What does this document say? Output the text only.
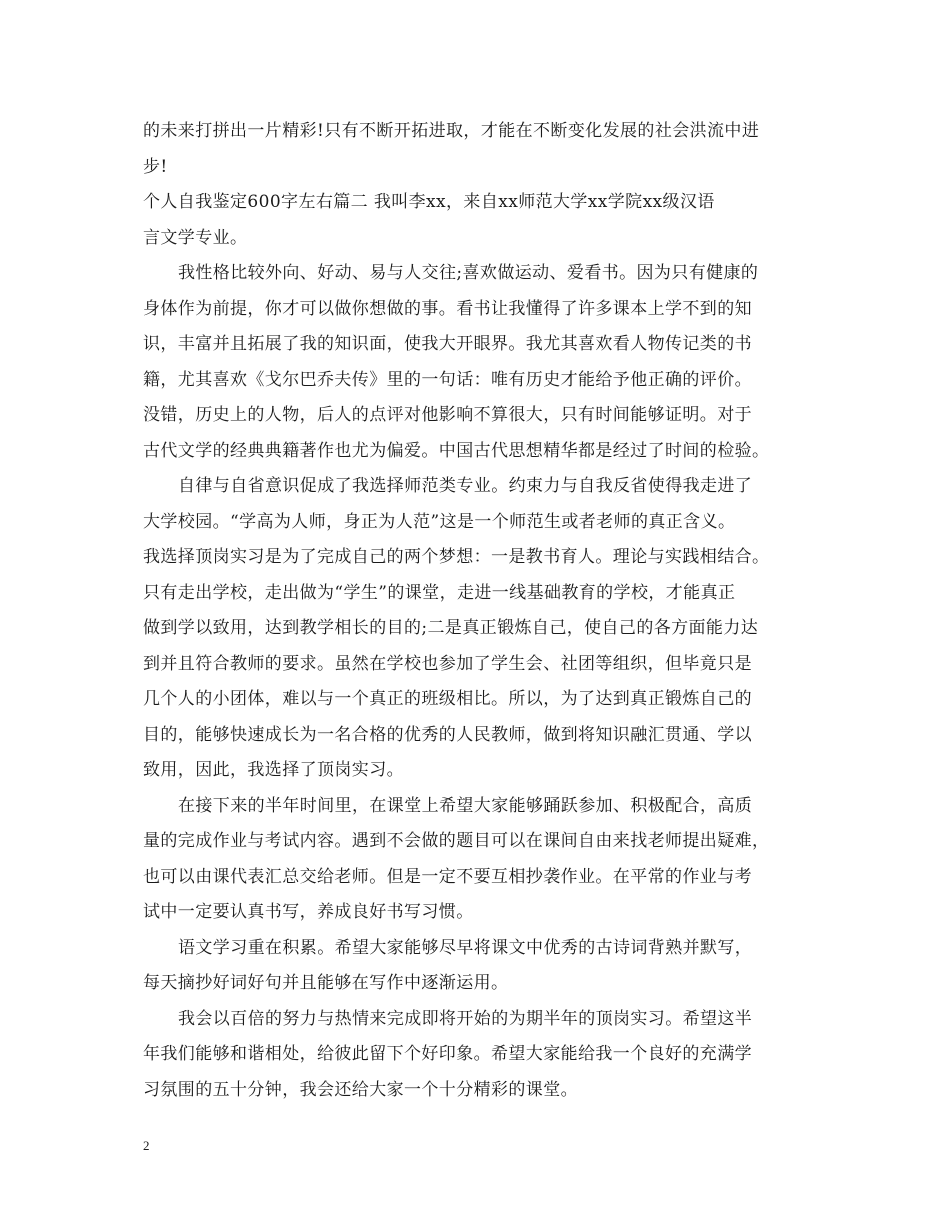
的未来打拼出一片精彩!只有不断开拓进取，才能在不断变化发展的社会洪流中进
步!
个人自我鉴定600字左右篇二 我叫李xx，来自xx师范大学xx学院xx级汉语
言文学专业。
我性格比较外向、好动、易与人交往;喜欢做运动、爱看书。因为只有健康的
身体作为前提，你才可以做你想做的事。看书让我懂得了许多课本上学不到的知
识，丰富并且拓展了我的知识面，使我大开眼界。我尤其喜欢看人物传记类的书
籍，尤其喜欢《戈尔巴乔夫传》里的一句话：唯有历史才能给予他正确的评价。
没错，历史上的人物，后人的点评对他影响不算很大，只有时间能够证明。对于
古代文学的经典典籍著作也尤为偏爱。中国古代思想精华都是经过了时间的检验。
自律与自省意识促成了我选择师范类专业。约束力与自我反省使得我走进了
大学校园。“学高为人师，身正为人范”这是一个师范生或者老师的真正含义。
我选择顶岗实习是为了完成自己的两个梦想：一是教书育人。理论与实践相结合。
只有走出学校，走出做为“学生”的课堂，走进一线基础教育的学校，才能真正
做到学以致用，达到教学相长的目的;二是真正锻炼自己，使自己的各方面能力达
到并且符合教师的要求。虽然在学校也参加了学生会、社团等组织，但毕竟只是
几个人的小团体，难以与一个真正的班级相比。所以，为了达到真正锻炼自己的
目的，能够快速成长为一名合格的优秀的人民教师，做到将知识融汇贯通、学以
致用，因此，我选择了顶岗实习。
在接下来的半年时间里，在课堂上希望大家能够踊跃参加、积极配合，高质
量的完成作业与考试内容。遇到不会做的题目可以在课间自由来找老师提出疑难，
也可以由课代表汇总交给老师。但是一定不要互相抄袭作业。在平常的作业与考
试中一定要认真书写，养成良好书写习惯。
语文学习重在积累。希望大家能够尽早将课文中优秀的古诗词背熟并默写，
每天摘抄好词好句并且能够在写作中逐渐运用。
我会以百倍的努力与热情来完成即将开始的为期半年的顶岗实习。希望这半
年我们能够和谐相处，给彼此留下个好印象。希望大家能给我一个良好的充满学
习氛围的五十分钟，我会还给大家一个十分精彩的课堂。
2
